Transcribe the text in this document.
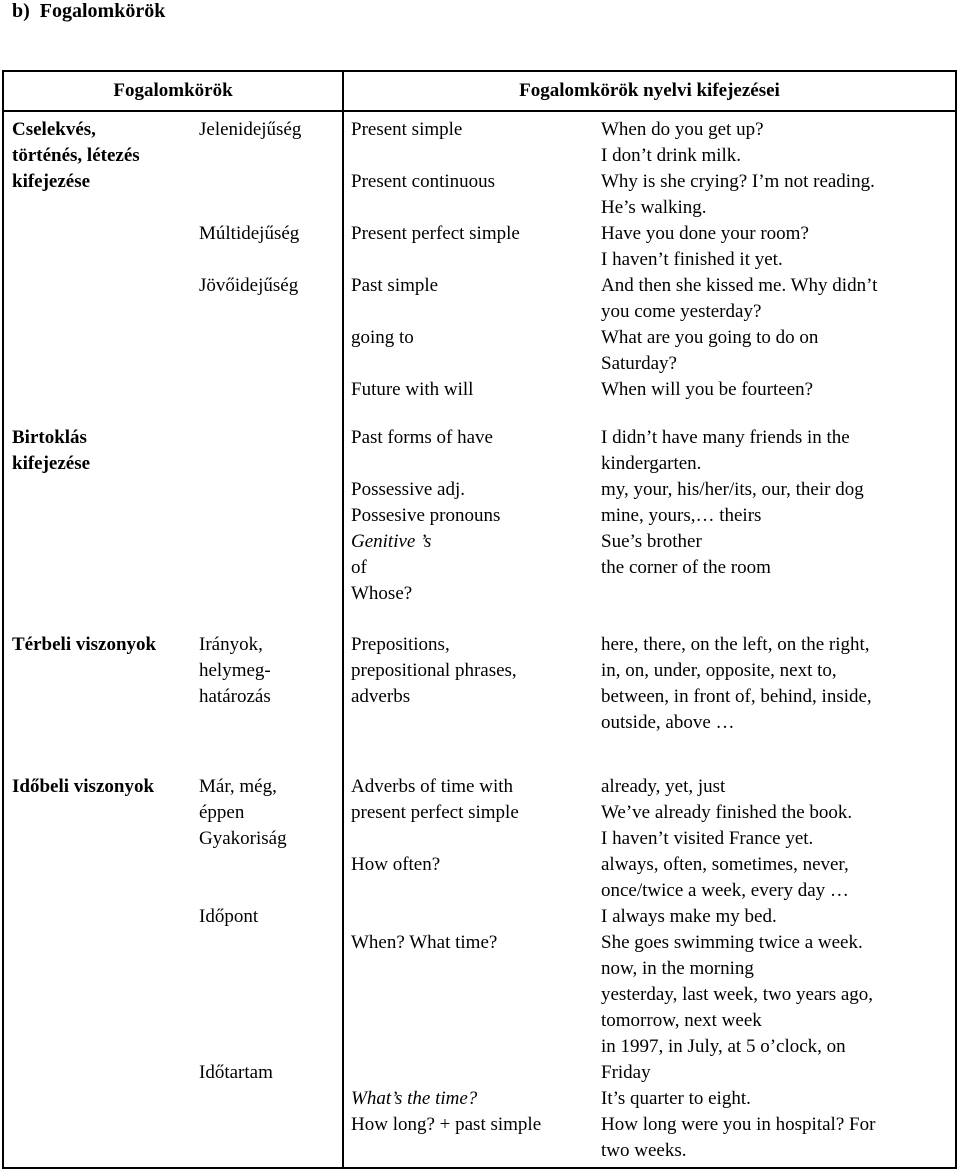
b)  Fogalomkörök
Fogalomkörök	Fogalomkörök nyelvi kifejezései
Cselekvés,
történés, létezés
kifejezése
Jelenidejűség
Múltidejűség
Jövőidejűség
Present simple
Present continuous
Present perfect simple
Past simple
going to
Future with will
When do you get up?
I don’t drink milk.
Why is she crying? I’m not reading.
He’s walking.
Have you done your room?
I haven’t finished it yet.
And then she kissed me. Why didn’t
you come yesterday?
What are you going to do on
Saturday?
When will you be fourteen?
Birtoklás
kifejezése
Past forms of have
Possessive adj.
Possesive pronouns
Genitive ’s
of
Whose?
I didn’t have many friends in the
kindergarten.
my, your, his/her/its, our, their dog
mine, yours,… theirs
Sue’s brother
the corner of the room
Térbeli viszonyok Irányok,
helymeg-
határozás
Prepositions,
prepositional phrases,
adverbs
here, there, on the left, on the right,
in, on, under, opposite, next to,
between, in front of, behind, inside,
outside, above …
Időbeli viszonyok Már, még,
éppen
Gyakoriság
Időpont
Időtartam
Adverbs of time with
present perfect simple
How often?
When? What time?
What’s the time?
How long? + past simple
already, yet, just
We’ve already finished the book.
I haven’t visited France yet.
always, often, sometimes, never,
once/twice a week, every day …
I always make my bed.
She goes swimming twice a week.
now, in the morning
yesterday, last week, two years ago,
tomorrow, next week
in 1997, in July, at 5 o’clock, on
Friday
It’s quarter to eight.
How long were you in hospital? For
two weeks.
